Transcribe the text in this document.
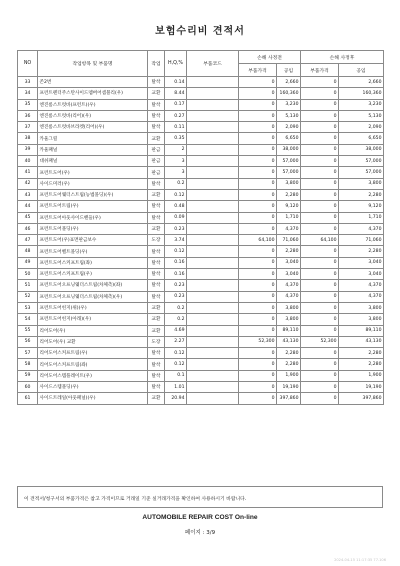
보험수리비 견적서
NO	작업항목 및 부품명	작업	H,Q,%	부품코드	손해 사정전		손해 사정후	
					부품가격	공임	부품가격	공임
33	존2번	탈착	0.14		0	2,660	0	2,660
34	프런트펜더주스탄사이드멤버어셈블리(우)	교환	8.44		0	160,360	0	160,360
35	엔진룸스트럿바(프런트)(우)	탈착	0.17		0	3,230	0	3,230
36	엔진룸스트럿바(리어)(우)	탈착	0.27		0	5,130	0	5,130
37	엔진룸스트럿바브라켓(리어)(우)	탈착	0.11		0	2,090	0	2,090
38	카울그릴	교환	0.35		0	6,650	0	6,650
39	카울패널	판금	2		0	38,000	0	38,000
40	대쉬패널	판금	3		0	57,000	0	57,000
41	프런트도어(우)	판금	3		0	57,000	0	57,000
42	사이드미러(우)	탈착	0.2		0	3,800	0	3,800
43	프런트도어웨더스트립(능법몰딩)(우)	교환	0.12		0	2,280	0	2,280
44	프런트도어트림(우)	탈착	0.48		0	9,120	0	9,120
45	프런트도어아웃사이드핸들(우)	탈착	0.09		0	1,710	0	1,710
46	프런트도어몰딩(우)	교환	0.23		0	4,370	0	4,370
47	프런트도어(우)표면판금보수	도장	3.74		64,100	71,060	64,100	71,060
48	프런트도어벨트몰딩(우)	탈착	0.12		0	2,280	0	2,280
49	프런트도어스커프트림(좌)	탈착	0.16		0	3,040	0	3,040
50	프런트도어스커프트림(우)	탈착	0.16		0	3,040	0	3,040
51	프런트도어오프닝웨더스트립(차체측)(좌)	탈착	0.23		0	4,370	0	4,370
52	프런트도어오프닝웨더스트립(차체측)(우)	탈착	0.23		0	4,370	0	4,370
53	프런트도어힌지(위)(우)	교환	0.2		0	3,800	0	3,800
54	프런트도어힌지(아래)(우)	교환	0.2		0	3,800	0	3,800
55	리어도어(우)	교환	4.69		0	89,110	0	89,110
56	리어도어(우) 교환	도장	2.27		52,300	43,130	52,300	43,130
57	리어도어스커프트림(우)	탈착	0.12		0	2,280	0	2,280
58	리어도어스커프트림(좌)	탈착	0.12		0	2,280	0	2,280
59	리어도어스텝플레이트(우)	탈착	0.1		0	1,900	0	1,900
60	사이드스텝몰딩(우)	탈착	1.01		0	19,190	0	19,190
61	사이드트레일(아웃패널)(우)	교환	20.94		0	397,860	0	397,860
이 견적서/청구서의 부품가격은 참고 가격이므로 거래일 기준 실거래가격을 확인하여 사용하시기 바랍니다.
AUTOMOBILE REPAIR COST On-line
페이지 : 3/9
2024-04-15 11:17:35 77.106
